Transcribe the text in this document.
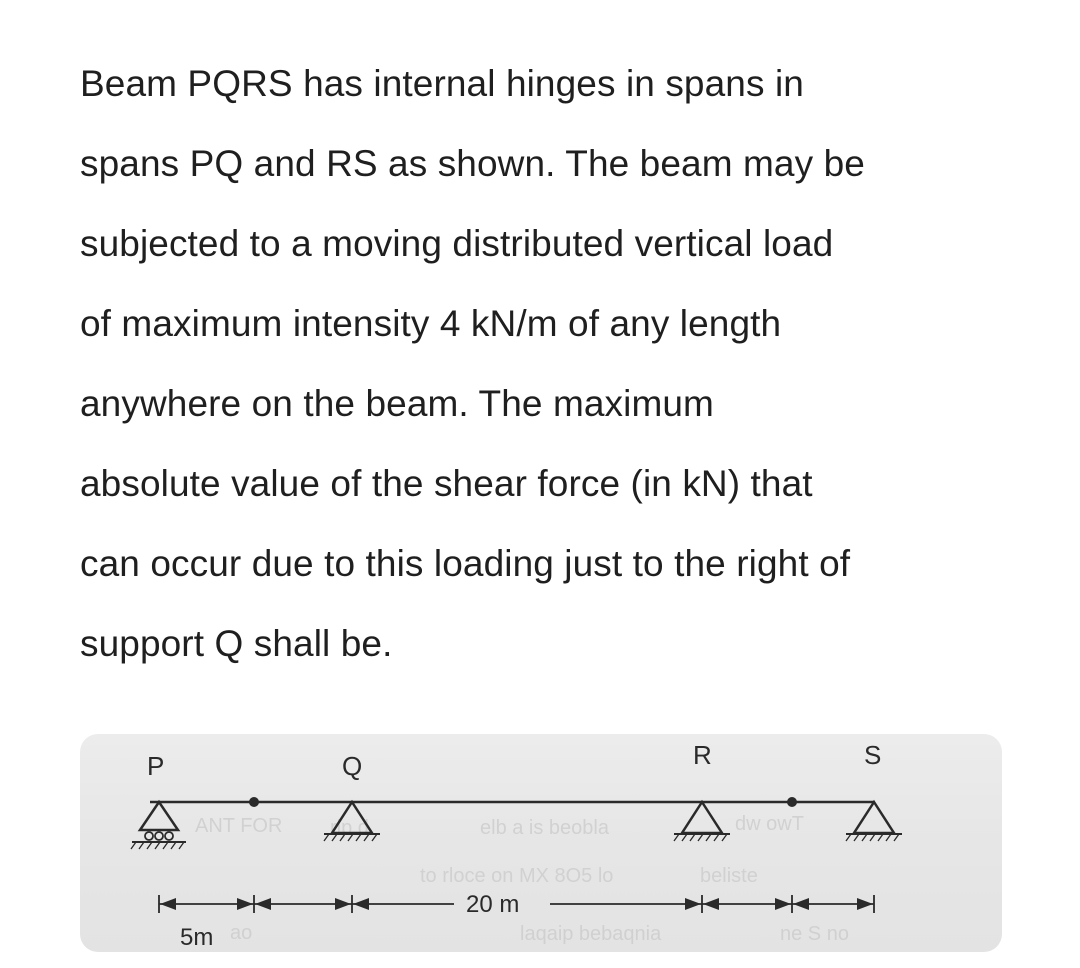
Beam PQRS has internal hinges in spans in
spans PQ and RS as shown. The beam may be
subjected to a moving distributed vertical load
of maximum intensity 4 kN/m of any length
anywhere on the beam. The maximum
absolute value of the shear force (in kN) that
can occur due to this loading just to the right of
support Q shall be.
ANT FOR rip d	elb a is beobla	dw owT
to rloce on MX 8O5 lo	beliste
ao	laqaip bebaqnia	ne S no
P	Q	R	S
5m
20 m
